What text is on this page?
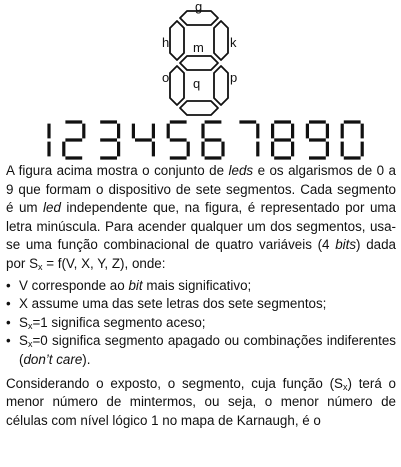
g
h	k
m
o	p
q

A figura acima mostra o conjunto de leds e os algarismos de 0 a 9 que formam o dispositivo de sete segmentos. Cada segmento é um led independente que, na figura, é representado por uma letra minúscula. Para acender qualquer um dos segmentos, usa-se uma função combinacional de quatro variáveis (4 bits) dada por $S_x = f(V$, X, Y, Z), onde:

• V corresponde ao bit mais significativo;
• X assume uma das sete letras dos sete segmentos;
• $S_x=1$ significa segmento aceso;
• $S_x=0$ significa segmento apagado ou combinações indiferentes (don’t care).

Considerando o exposto, o segmento, cuja função $(S_x)$ terá o menor número de mintermos, ou seja, o menor número de células com nível lógico 1 no mapa de Karnaugh, é o
